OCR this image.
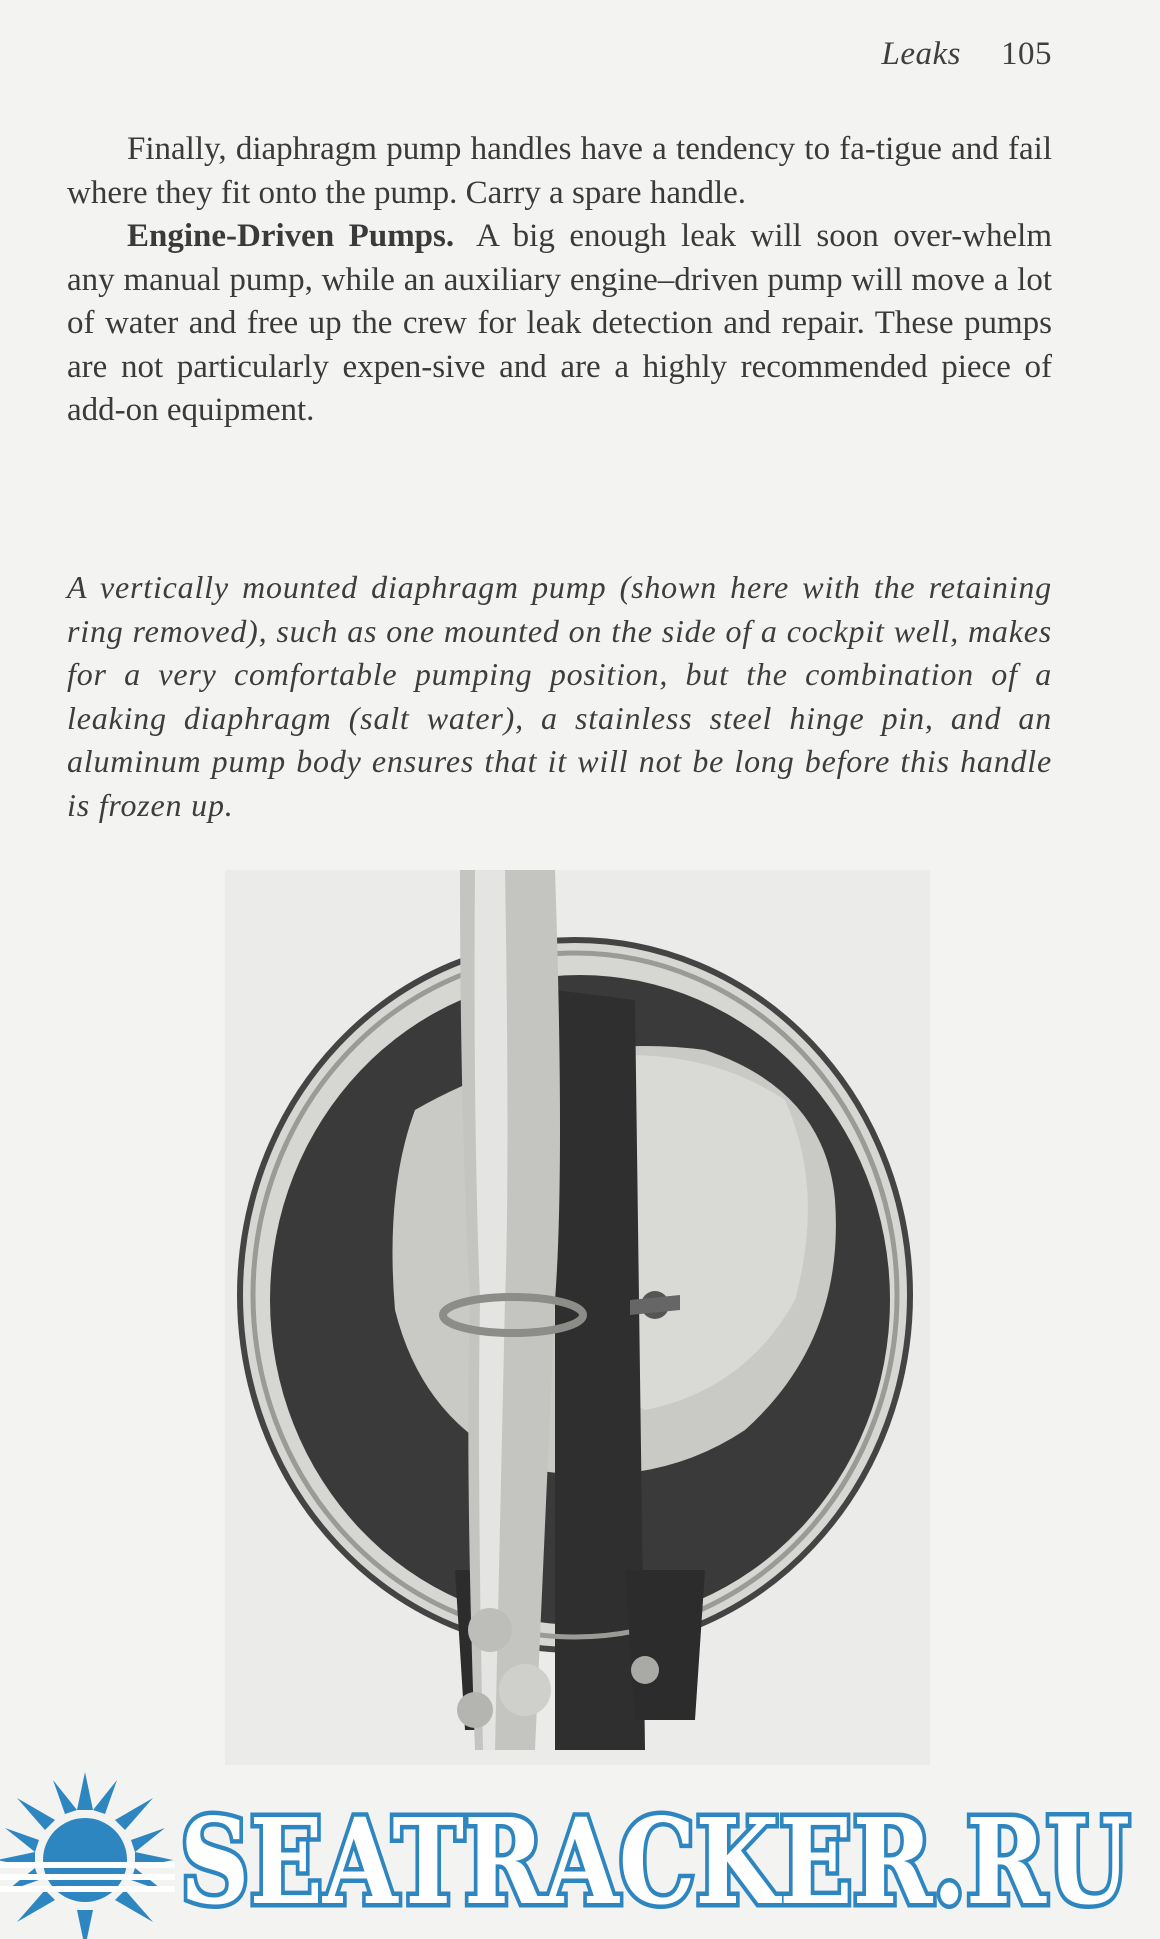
Leaks 105

Finally, diaphragm pump handles have a tendency to fa-tigue and fail where they fit onto the pump. Carry a spare handle.

Engine-Driven Pumps. A big enough leak will soon over-whelm any manual pump, while an auxiliary engine–driven pump will move a lot of water and free up the crew for leak detection and repair. These pumps are not particularly expen-sive and are a highly recommended piece of add-on equipment.

A vertically mounted diaphragm pump (shown here with the retaining ring removed), such as one mounted on the side of a cockpit well, makes for a very comfortable pumping position, but the combination of a leaking diaphragm (salt water), a stainless steel hinge pin, and an aluminum pump body ensures that it will not be long before this handle is frozen up.
SEATRACKER.RU
